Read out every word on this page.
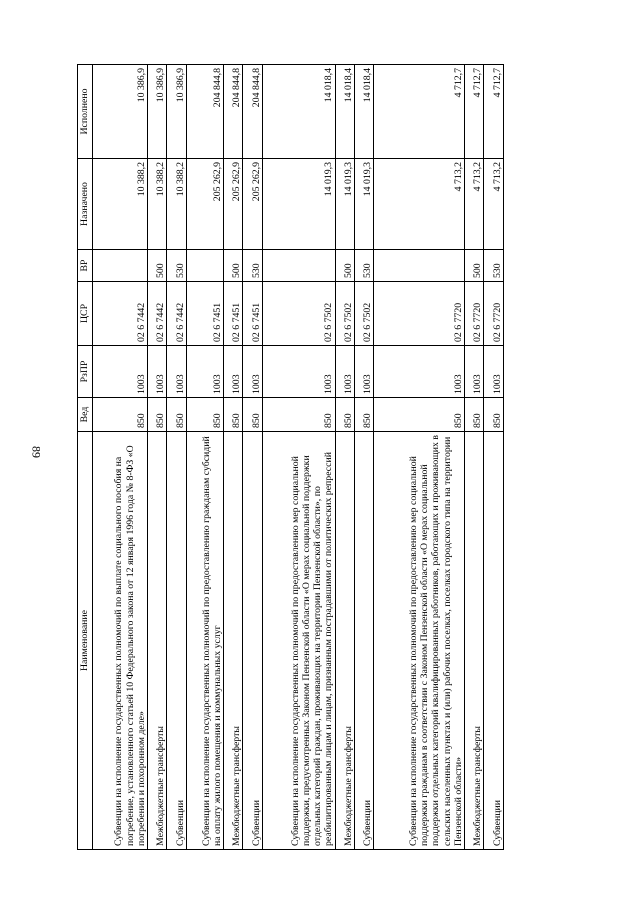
89
Наименование	Вед	РзПР	ЦСР	ВР	Назначено	Исполнено
Субвенции на исполнение государственных полномочий по выплате социального пособия на погребение, установленного статьей 10 Федерального закона от 12 января 1996 года № 8-ФЗ «О погребении и похоронном деле»	850	1003	02 6 7442		10 388,2	10 386,9
Межбюджетные трансферты	850	1003	02 6 7442	500	10 388,2	10 386,9
Субвенции	850	1003	02 6 7442	530	10 388,2	10 386,9
Субвенции на исполнение государственных полномочий по предоставлению гражданам субсидий на оплату жилого помещения и коммунальных услуг	850	1003	02 6 7451		205 262,9	204 844,8
Межбюджетные трансферты	850	1003	02 6 7451	500	205 262,9	204 844,8
Субвенции	850	1003	02 6 7451	530	205 262,9	204 844,8
Субвенции на исполнение государственных полномочий по предоставлению мер социальной поддержки, предусмотренных Законом Пензенской области «О мерах социальной поддержки отдельных категорий граждан, проживающих на территории Пензенской области», по реабилитированным лицам и лицам, признанным пострадавшими от политических репрессий	850	1003	02 6 7502		14 019,3	14 018,4
Межбюджетные трансферты	850	1003	02 6 7502	500	14 019,3	14 018,4
Субвенции	850	1003	02 6 7502	530	14 019,3	14 018,4
Субвенции на исполнение государственных полномочий по предоставлению мер социальной поддержки гражданам в соответствии с Законом Пензенской области «О мерах социальной поддержки отдельных категорий квалифицированных работников, работающих и проживающих в сельских населенных пунктах и (или) рабочих поселках, поселках городского типа на территории Пензенской области»	850	1003	02 6 7720		4 713,2	4 712,7
Межбюджетные трансферты	850	1003	02 6 7720	500	4 713,2	4 712,7
Субвенции	850	1003	02 6 7720	530	4 713,2	4 712,7
